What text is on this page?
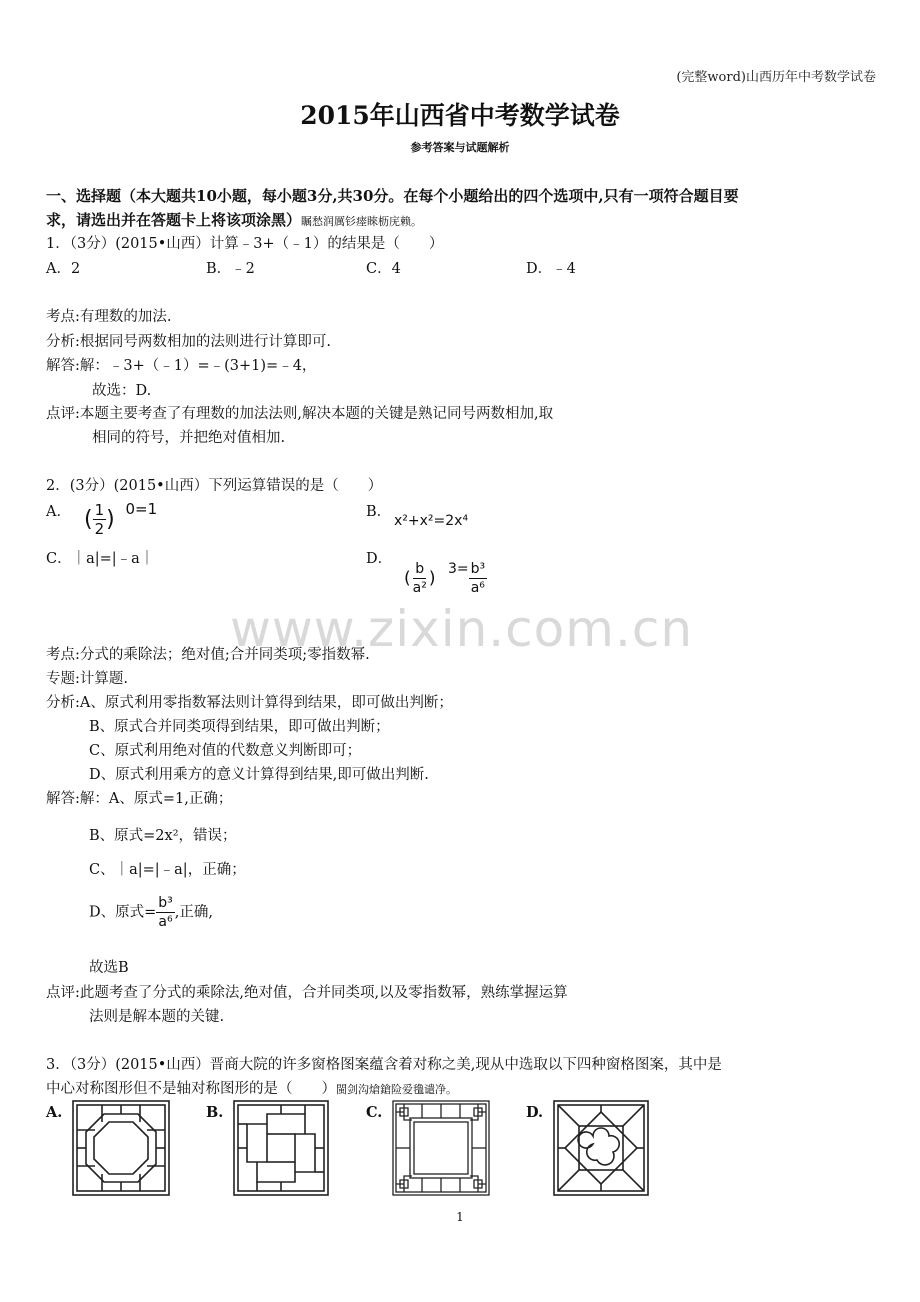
(完整word)山西历年中考数学试卷
2015年山西省中考数学试卷
参考答案与试题解析
一、选择题（本大题共10小题，每小题3分,共30分。在每个小题给出的四个选项中,只有一项符合题目要
求，请选出并在答题卡上将该项涂黑）瞩愁润厲钐瘗睞枥庑赖。
1．（3分）(2015•山西）计算﹣3+（﹣1）的结果是（　　）
A．2	B．﹣2	C．4	D．﹣4
考点:有理数的加法.
分析:根据同号两数相加的法则进行计算即可.
解答:解：﹣3+（﹣1）=﹣(3+1)=﹣4，
故选：D.
点评:本题主要考查了有理数的加法法则,解决本题的关键是熟记同号两数相加,取
相同的符号，并把绝对值相加.
2．(3分）(2015•山西）下列运算错误的是（　　）
A． ( $\frac{1}{2}$ ) 0=1	B．
x²+x²=2x⁴
C．｜a|=|﹣a｜	D．
( $\frac{b}{\text{a²}}$ ) $3= \frac{\text{b³}}{\text{a⁶}}$
www.zixin.com.cn
考点:分式的乘除法；绝对值;合并同类项;零指数幂.
专题:计算题.
分析:A、原式利用零指数幂法则计算得到结果，即可做出判断；
B、原式合并同类项得到结果，即可做出判断；
C、原式利用绝对值的代数意义判断即可；
D、原式利用乘方的意义计算得到结果,即可做出判断.
解答:解：A、原式=1,正确；
B、原式=2x²，错误；
C、｜a|=|﹣a|，正确；
D、原式= $\frac{\text{b³}}{\text{a⁶}}$ ,正确,
故选B
点评:此题考查了分式的乘除法,绝对值，合并同类项,以及零指数幂，熟练掌握运算
法则是解本题的关键.
3．（3分）(2015•山西）晋商大院的许多窗格图案蕴含着对称之美,现从中选取以下四种窗格图案，其中是
中心对称图形但不是轴对称图形的是（　　）閩剑沟熗鎗险爱氇谴净。
A.	B.	C.	D.
1
